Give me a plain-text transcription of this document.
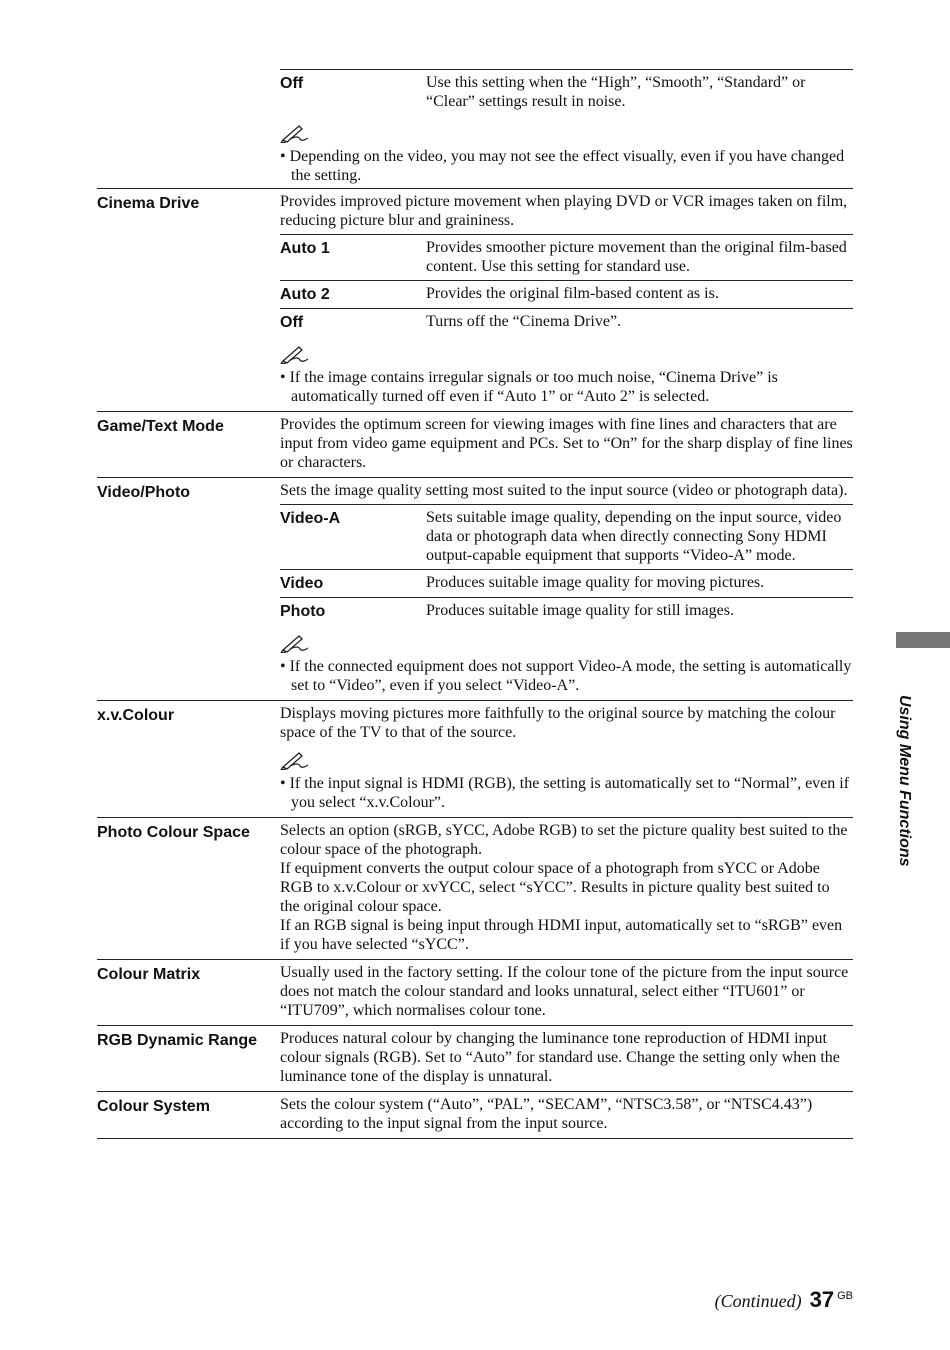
Off	Use this setting when the “High”, “Smooth”, “Standard” or “Clear” settings result in noise.

• Depending on the video, you may not see the effect visually, even if you have changed the setting.

Cinema Drive	Provides improved picture movement when playing DVD or VCR images taken on film, reducing picture blur and graininess.

Auto 1	Provides smoother picture movement than the original film-based content. Use this setting for standard use.
Auto 2	Provides the original film-based content as is.
Off	Turns off the “Cinema Drive”.

• If the image contains irregular signals or too much noise, “Cinema Drive” is automatically turned off even if “Auto 1” or “Auto 2” is selected.

Game/Text Mode	Provides the optimum screen for viewing images with fine lines and characters that are input from video game equipment and PCs. Set to “On” for the sharp display of fine lines or characters.

Video/Photo	Sets the image quality setting most suited to the input source (video or photograph data).

Video-A	Sets suitable image quality, depending on the input source, video data or photograph data when directly connecting Sony HDMI output-capable equipment that supports “Video-A” mode.
Video	Produces suitable image quality for moving pictures.
Photo	Produces suitable image quality for still images.

• If the connected equipment does not support Video-A mode, the setting is automatically set to “Video”, even if you select “Video-A”.

x.v.Colour	Displays moving pictures more faithfully to the original source by matching the colour space of the TV to that of the source.

• If the input signal is HDMI (RGB), the setting is automatically set to “Normal”, even if you select “x.v.Colour”.

Photo Colour Space	Selects an option (sRGB, sYCC, Adobe RGB) to set the picture quality best suited to the colour space of the photograph.

If equipment converts the output colour space of a photograph from sYCC or Adobe RGB to x.v.Colour or xvYCC, select “sYCC”. Results in picture quality best suited to the original colour space.

If an RGB signal is being input through HDMI input, automatically set to “sRGB” even if you have selected “sYCC”.

Colour Matrix	Usually used in the factory setting. If the colour tone of the picture from the input source does not match the colour standard and looks unnatural, select either “ITU601” or “ITU709”, which normalises colour tone.

RGB Dynamic Range	Produces natural colour by changing the luminance tone reproduction of HDMI input colour signals (RGB). Set to “Auto” for standard use. Change the setting only when the luminance tone of the display is unnatural.

Colour System	Sets the colour system (“Auto”, “PAL”, “SECAM”, “NTSC3.58”, or “NTSC4.43”) according to the input signal from the input source.

Using Menu Functions
(Continued) 37 GB
